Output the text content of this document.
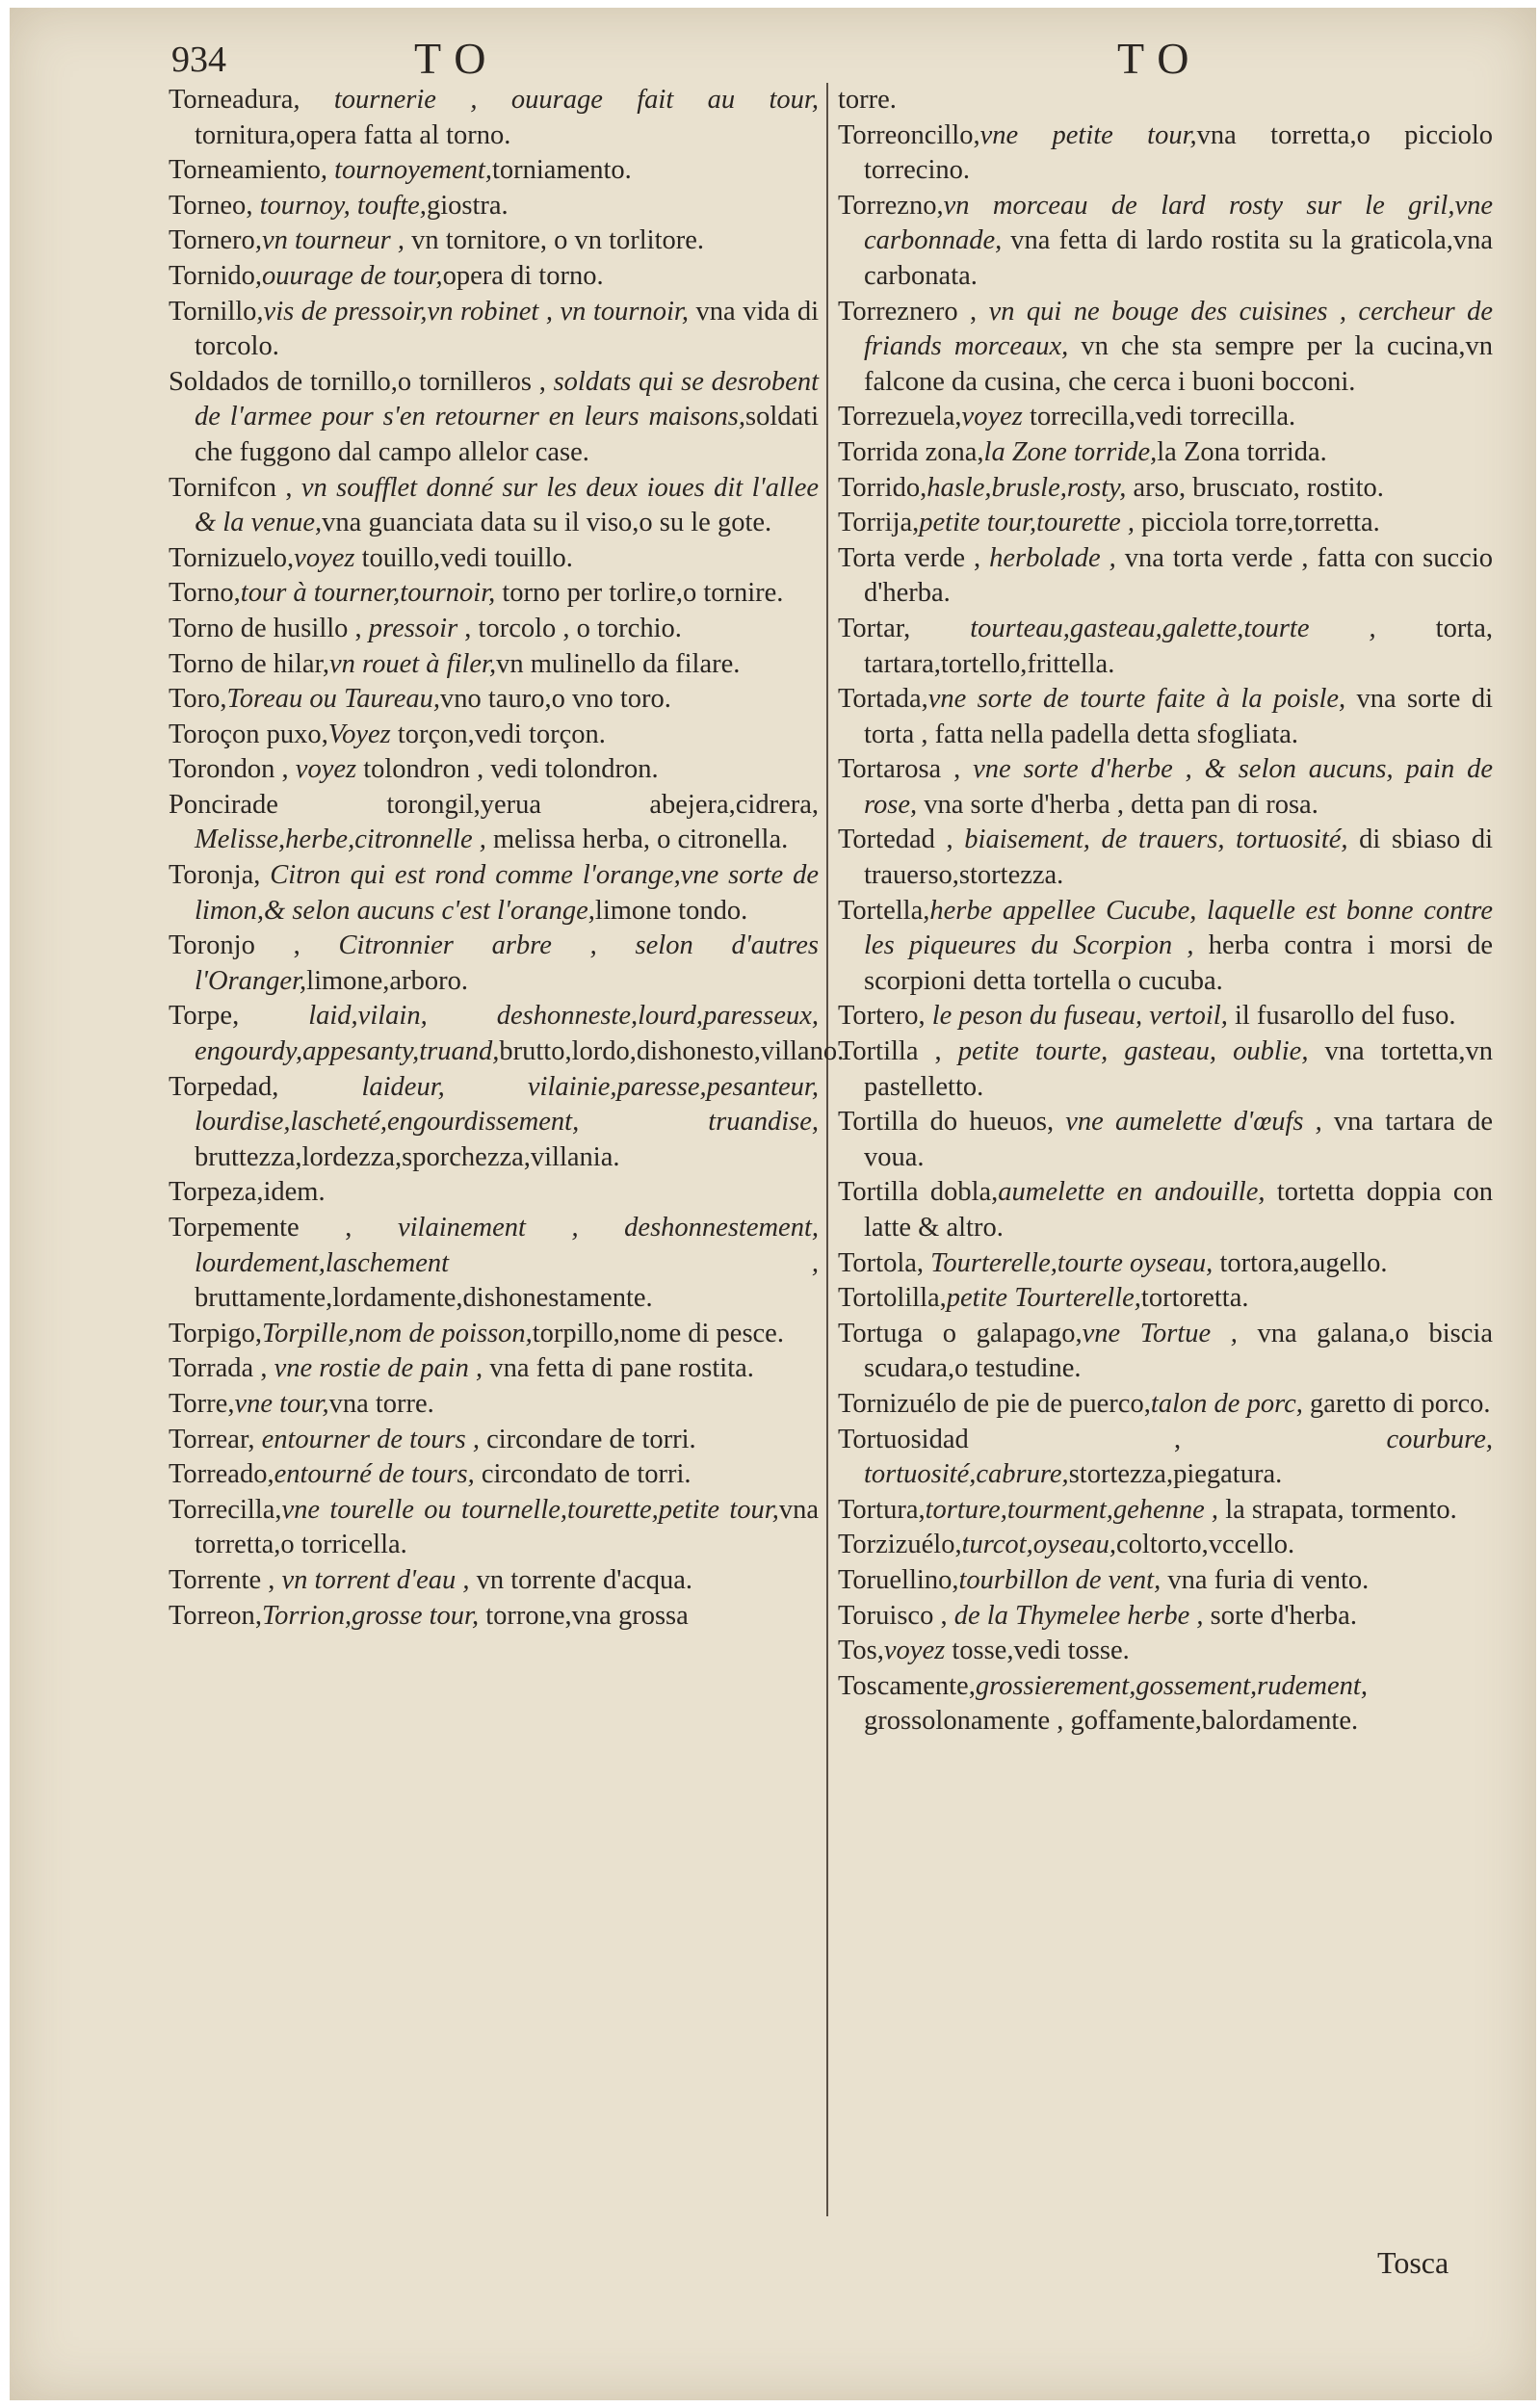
934	TO	TO

Torneadura, tournerie , ouurage fait au tour, tornitura,opera fatta al torno.

Torneamiento, tournoyement,torniamento.

Torneo, tournoy, toufte,giostra.

Tornero,vn tourneur , vn tornitore, o vn torlitore.

Tornido,ouurage de tour,opera di torno.

Tornillo,vis de pressoir,vn robinet , vn tournoir, vna vida di torcolo.

Soldados de tornillo,o tornilleros , soldats qui se desrobent de l'armee pour s'en retourner en leurs maisons,soldati che fuggono dal campo allelor case.

Tornifcon , vn soufflet donné sur les deux ioues dit l'allee & la venue,vna guanciata data su il viso,o su le gote.

Tornizuelo,voyez touillo,vedi touillo.

Torno,tour à tourner,tournoir, torno per torlire,o tornire.

Torno de husillo , pressoir , torcolo , o torchio.

Torno de hilar,vn rouet à filer,vn mulinello da filare.

Toro,Toreau ou Taureau,vno tauro,o vno toro.

Toroçon puxo,Voyez torçon,vedi torçon.

Torondon , voyez tolondron , vedi tolondron.

Poncirade torongil,yerua abejera,cidrera, Melisse,herbe,citronnelle , melissa herba, o citronella.

Toronja, Citron qui est rond comme l'orange,vne sorte de limon,& selon aucuns c'est l'orange,limone tondo.

Toronjo , Citronnier arbre , selon d'autres l'Oranger,limone,arboro.

Torpe, laid,vilain, deshonneste,lourd,paresseux, engourdy,appesanty,truand,brutto,lordo,dishonesto,villano.

Torpedad, laideur, vilainie,paresse,pesanteur, lourdise,lascheté,engourdissement, truandise, bruttezza,lordezza,sporchezza,villania.

Torpeza,idem.

Torpemente , vilainement , deshonnestement, lourdement,laschement , bruttamente,lordamente,dishonestamente.

Torpigo,Torpille,nom de poisson,torpillo,nome di pesce.

Torrada , vne rostie de pain , vna fetta di pane rostita.

Torre,vne tour,vna torre.

Torrear, entourner de tours , circondare de torri.

Torreado,entourné de tours, circondato de torri.

Torrecilla,vne tourelle ou tournelle,tourette,petite tour,vna torretta,o torricella.

Torrente , vn torrent d'eau , vn torrente d'acqua.

Torreon,Torrion,grosse tour, torrone,vna grossa

torre.

Torreoncillo,vne petite tour,vna torretta,o picciolo torrecino.

Torrezno,vn morceau de lard rosty sur le gril,vne carbonnade, vna fetta di lardo rostita su la graticola,vna carbonata.

Torreznero , vn qui ne bouge des cuisines , cercheur de friands morceaux, vn che sta sempre per la cucina,vn falcone da cusina, che cerca i buoni bocconi.

Torrezuela,voyez torrecilla,vedi torrecilla.

Torrida zona,la Zone torride,la Zona torrida.

Torrido,hasle,brusle,rosty, arso, bruscıato, rostito.

Torrija,petite tour,tourette , picciola torre,torretta.

Torta verde , herbolade , vna torta verde , fatta con succio d'herba.

Tortar, tourteau,gasteau,galette,tourte , torta, tartara,tortello,frittella.

Tortada,vne sorte de tourte faite à la poisle, vna sorte di torta , fatta nella padella detta sfogliata.

Tortarosa , vne sorte d'herbe , & selon aucuns, pain de rose, vna sorte d'herba , detta pan di rosa.

Tortedad , biaisement, de trauers, tortuosité, di sbiaso di trauerso,stortezza.

Tortella,herbe appellee Cucube, laquelle est bonne contre les piqueures du Scorpion , herba contra i morsi de scorpioni detta tortella o cucuba.

Tortero, le peson du fuseau, vertoil, il fusarollo del fuso.

Tortilla , petite tourte, gasteau, oublie, vna tortetta,vn pastelletto.

Tortilla do hueuos, vne aumelette d'œufs , vna tartara de voua.

Tortilla dobla,aumelette en andouille, tortetta doppia con latte & altro.

Tortola, Tourterelle,tourte oyseau, tortora,augello.

Tortolilla,petite Tourterelle,tortoretta.

Tortuga o galapago,vne Tortue , vna galana,o biscia scudara,o testudine.

Tornizuélo de pie de puerco,talon de porc, garetto di porco.

Tortuosidad , courbure, tortuosité,cabrure,stortezza,piegatura.

Tortura,torture,tourment,gehenne , la strapata, tormento.

Torzizuélo,turcot,oyseau,coltorto,vccello.

Toruellino,tourbillon de vent, vna furia di vento.

Toruisco , de la Thymelee herbe , sorte d'herba.

Tos,voyez tosse,vedi tosse.

Toscamente,grossierement,gossement,rudement, grossolonamente , goffamente,balordamente.

Tosca
